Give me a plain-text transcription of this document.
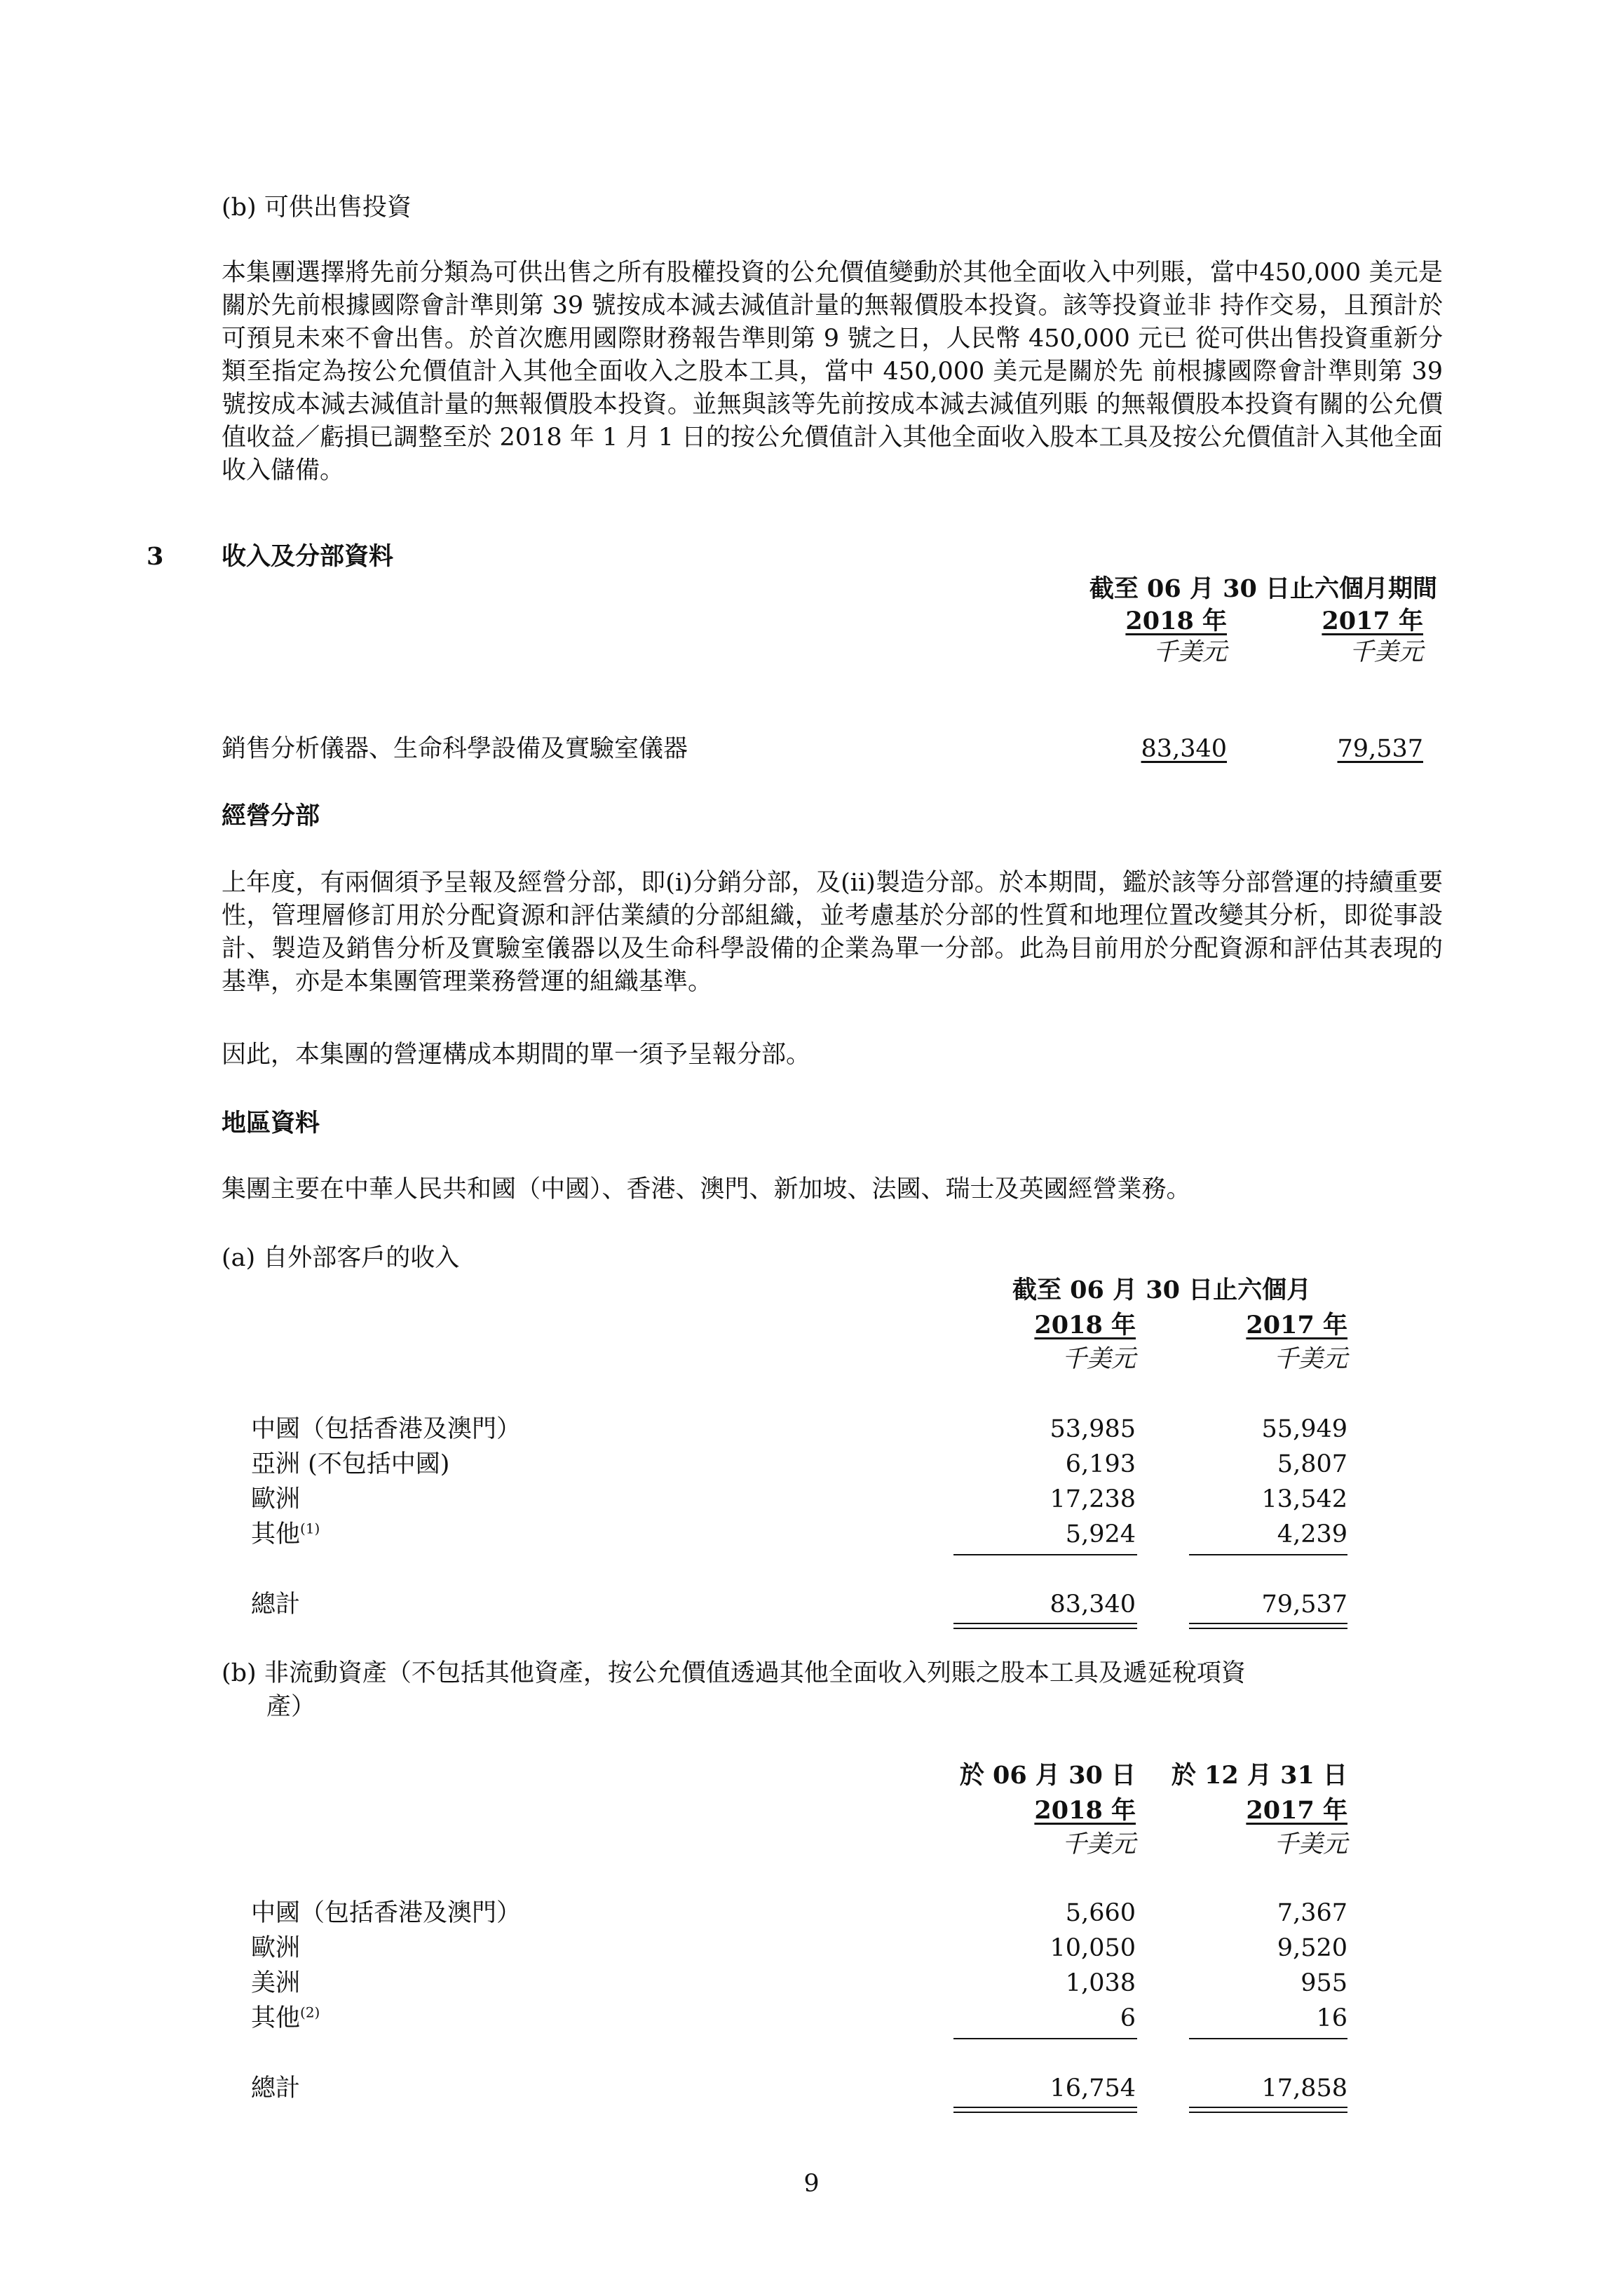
(b) 可供出售投資
本集團選擇將先前分類為可供出售之所有股權投資的公允價值變動於其他全面收入中列賬，當中450,000 美元是關於先前根據國際會計準則第 39 號按成本減去減值計量的無報價股本投資。該等投資並非 持作交易，且預計於可預見未來不會出售。於首次應用國際財務報告準則第 9 號之日，人民幣 450,000 元已 從可供出售投資重新分類至指定為按公允價值計入其他全面收入之股本工具，當中 450,000 美元是關於先 前根據國際會計準則第 39 號按成本減去減值計量的無報價股本投資。並無與該等先前按成本減去減值列賬 的無報價股本投資有關的公允價值收益／虧損已調整至於 2018 年 1 月 1 日的按公允價值計入其他全面收入股本工具及按公允價值計入其他全面收入儲備。
3 收入及分部資料
截至 06 月 30 日止六個月期間
2018 年	2017 年
千美元	千美元
銷售分析儀器、生命科學設備及實驗室儀器	83,340	79,537
經營分部
上年度，有兩個須予呈報及經營分部，即(i)分銷分部，及(ii)製造分部。於本期間，鑑於該等分部營運的持續重要性，管理層修訂用於分配資源和評估業績的分部組織，並考慮基於分部的性質和地理位置改變其分析，即從事設計、製造及銷售分析及實驗室儀器以及生命科學設備的企業為單一分部。此為目前用於分配資源和評估其表現的基準，亦是本集團管理業務營運的組織基準。
因此，本集團的營運構成本期間的單一須予呈報分部。
地區資料
集團主要在中華人民共和國（中國）、香港、澳門、新加坡、法國、瑞士及英國經營業務。
(a) 自外部客戶的收入
截至 06 月 30 日止六個月
2018 年	2017 年
千美元	千美元
中國（包括香港及澳門）	53,985	55,949
亞洲 (不包括中國)	6,193	5,807
歐洲	17,238	13,542
其他$^{(1)}$	5,924	4,239
總計	83,340	79,537
(b) 非流動資產（不包括其他資產，按公允價值透過其他全面收入列賬之股本工具及遞延稅項資
產）
於 06 月 30 日	於 12 月 31 日
2018 年	2017 年
千美元	千美元
中國（包括香港及澳門）	5,660	7,367
歐洲	10,050	9,520
美洲	1,038	955
其他$^{(2)}$	6	16
總計	16,754	17,858
9
